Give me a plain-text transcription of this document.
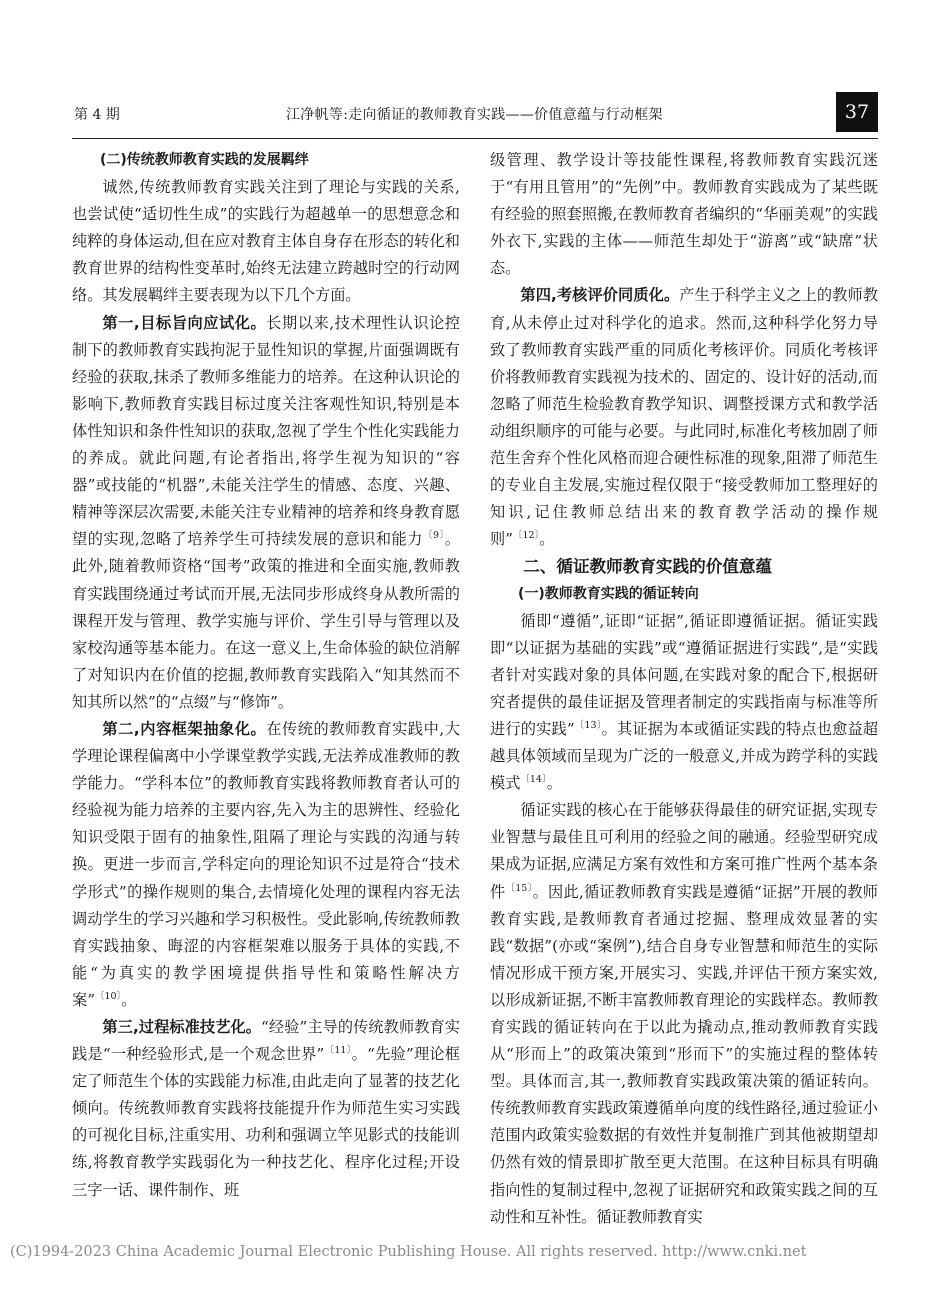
第 4 期	江净帆等:走向循证的教师教育实践——价值意蕴与行动框架	37

(二)传统教师教育实践的发展羁绊

诚然,传统教师教育实践关注到了理论与实践的关系,也尝试使“适切性生成”的实践行为超越单一的思想意念和纯粹的身体运动,但在应对教育主体自身存在形态的转化和教育世界的结构性变革时,始终无法建立跨越时空的行动网络。其发展羁绊主要表现为以下几个方面。

第一,目标旨向应试化。长期以来,技术理性认识论控制下的教师教育实践拘泥于显性知识的掌握,片面强调既有经验的获取,抹杀了教师多维能力的培养。在这种认识论的影响下,教师教育实践目标过度关注客观性知识,特别是本体性知识和条件性知识的获取,忽视了学生个性化实践能力的养成。就此问题,有论者指出,将学生视为知识的“容器”或技能的“机器”,未能关注学生的情感、态度、兴趣、精神等深层次需要,未能关注专业精神的培养和终身教育愿望的实现,忽略了培养学生可持续发展的意识和能力$^{〔9〕}$。此外,随着教师资格“国考”政策的推进和全面实施,教师教育实践围绕通过考试而开展,无法同步形成终身从教所需的课程开发与管理、教学实施与评价、学生引导与管理以及家校沟通等基本能力。在这一意义上,生命体验的缺位消解了对知识内在价值的挖掘,教师教育实践陷入“知其然而不知其所以然”的“点缀”与“修饰”。

第二,内容框架抽象化。在传统的教师教育实践中,大学理论课程偏离中小学课堂教学实践,无法养成准教师的教学能力。“学科本位”的教师教育实践将教师教育者认可的经验视为能力培养的主要内容,先入为主的思辨性、经验化知识受限于固有的抽象性,阻隔了理论与实践的沟通与转换。更进一步而言,学科定向的理论知识不过是符合“技术学形式”的操作规则的集合,去情境化处理的课程内容无法调动学生的学习兴趣和学习积极性。受此影响,传统教师教育实践抽象、晦涩的内容框架难以服务于具体的实践,不能“为真实的教学困境提供指导性和策略性解决方案”$^{〔10〕}$。

第三,过程标准技艺化。“经验”主导的传统教师教育实践是“一种经验形式,是一个观念世界”$^{〔11〕}$。“先验”理论框定了师范生个体的实践能力标准,由此走向了显著的技艺化倾向。传统教师教育实践将技能提升作为师范生实习实践的可视化目标,注重实用、功利和强调立竿见影式的技能训练,将教育教学实践弱化为一种技艺化、程序化过程;开设三字一话、课件制作、班

级管理、教学设计等技能性课程,将教师教育实践沉迷于“有用且管用”的“先例”中。教师教育实践成为了某些既有经验的照套照搬,在教师教育者编织的“华丽美观”的实践外衣下,实践的主体——师范生却处于“游离”或“缺席”状态。

第四,考核评价同质化。产生于科学主义之上的教师教育,从未停止过对科学化的追求。然而,这种科学化努力导致了教师教育实践严重的同质化考核评价。同质化考核评价将教师教育实践视为技术的、固定的、设计好的活动,而忽略了师范生检验教育教学知识、调整授课方式和教学活动组织顺序的可能与必要。与此同时,标准化考核加剧了师范生舍弃个性化风格而迎合硬性标准的现象,阻滞了师范生的专业自主发展,实施过程仅限于“接受教师加工整理好的知识,记住教师总结出来的教育教学活动的操作规则”$^{〔12〕}$。

二、循证教师教育实践的价值意蕴

(一)教师教育实践的循证转向

循即“遵循”,证即“证据”,循证即遵循证据。循证实践即“以证据为基础的实践”或“遵循证据进行实践”,是“实践者针对实践对象的具体问题,在实践对象的配合下,根据研究者提供的最佳证据及管理者制定的实践指南与标准等所进行的实践”$^{〔13〕}$。其证据为本或循证实践的特点也愈益超越具体领域而呈现为广泛的一般意义,并成为跨学科的实践模式$^{〔14〕}$。

循证实践的核心在于能够获得最佳的研究证据,实现专业智慧与最佳且可利用的经验之间的融通。经验型研究成果成为证据,应满足方案有效性和方案可推广性两个基本条件$^{〔15〕}$。因此,循证教师教育实践是遵循“证据”开展的教师教育实践,是教师教育者通过挖掘、整理成效显著的实践“数据”(亦或“案例”),结合自身专业智慧和师范生的实际情况形成干预方案,开展实习、实践,并评估干预方案实效,以形成新证据,不断丰富教师教育理论的实践样态。教师教育实践的循证转向在于以此为撬动点,推动教师教育实践从“形而上”的政策决策到“形而下”的实施过程的整体转型。具体而言,其一,教师教育实践政策决策的循证转向。传统教师教育实践政策遵循单向度的线性路径,通过验证小范围内政策实验数据的有效性并复制推广到其他被期望却仍然有效的情景即扩散至更大范围。在这种目标具有明确指向性的复制过程中,忽视了证据研究和政策实践之间的互动性和互补性。循证教师教育实

(C)1994-2023 China Academic Journal Electronic Publishing House. All rights reserved. http://www.cnki.net
